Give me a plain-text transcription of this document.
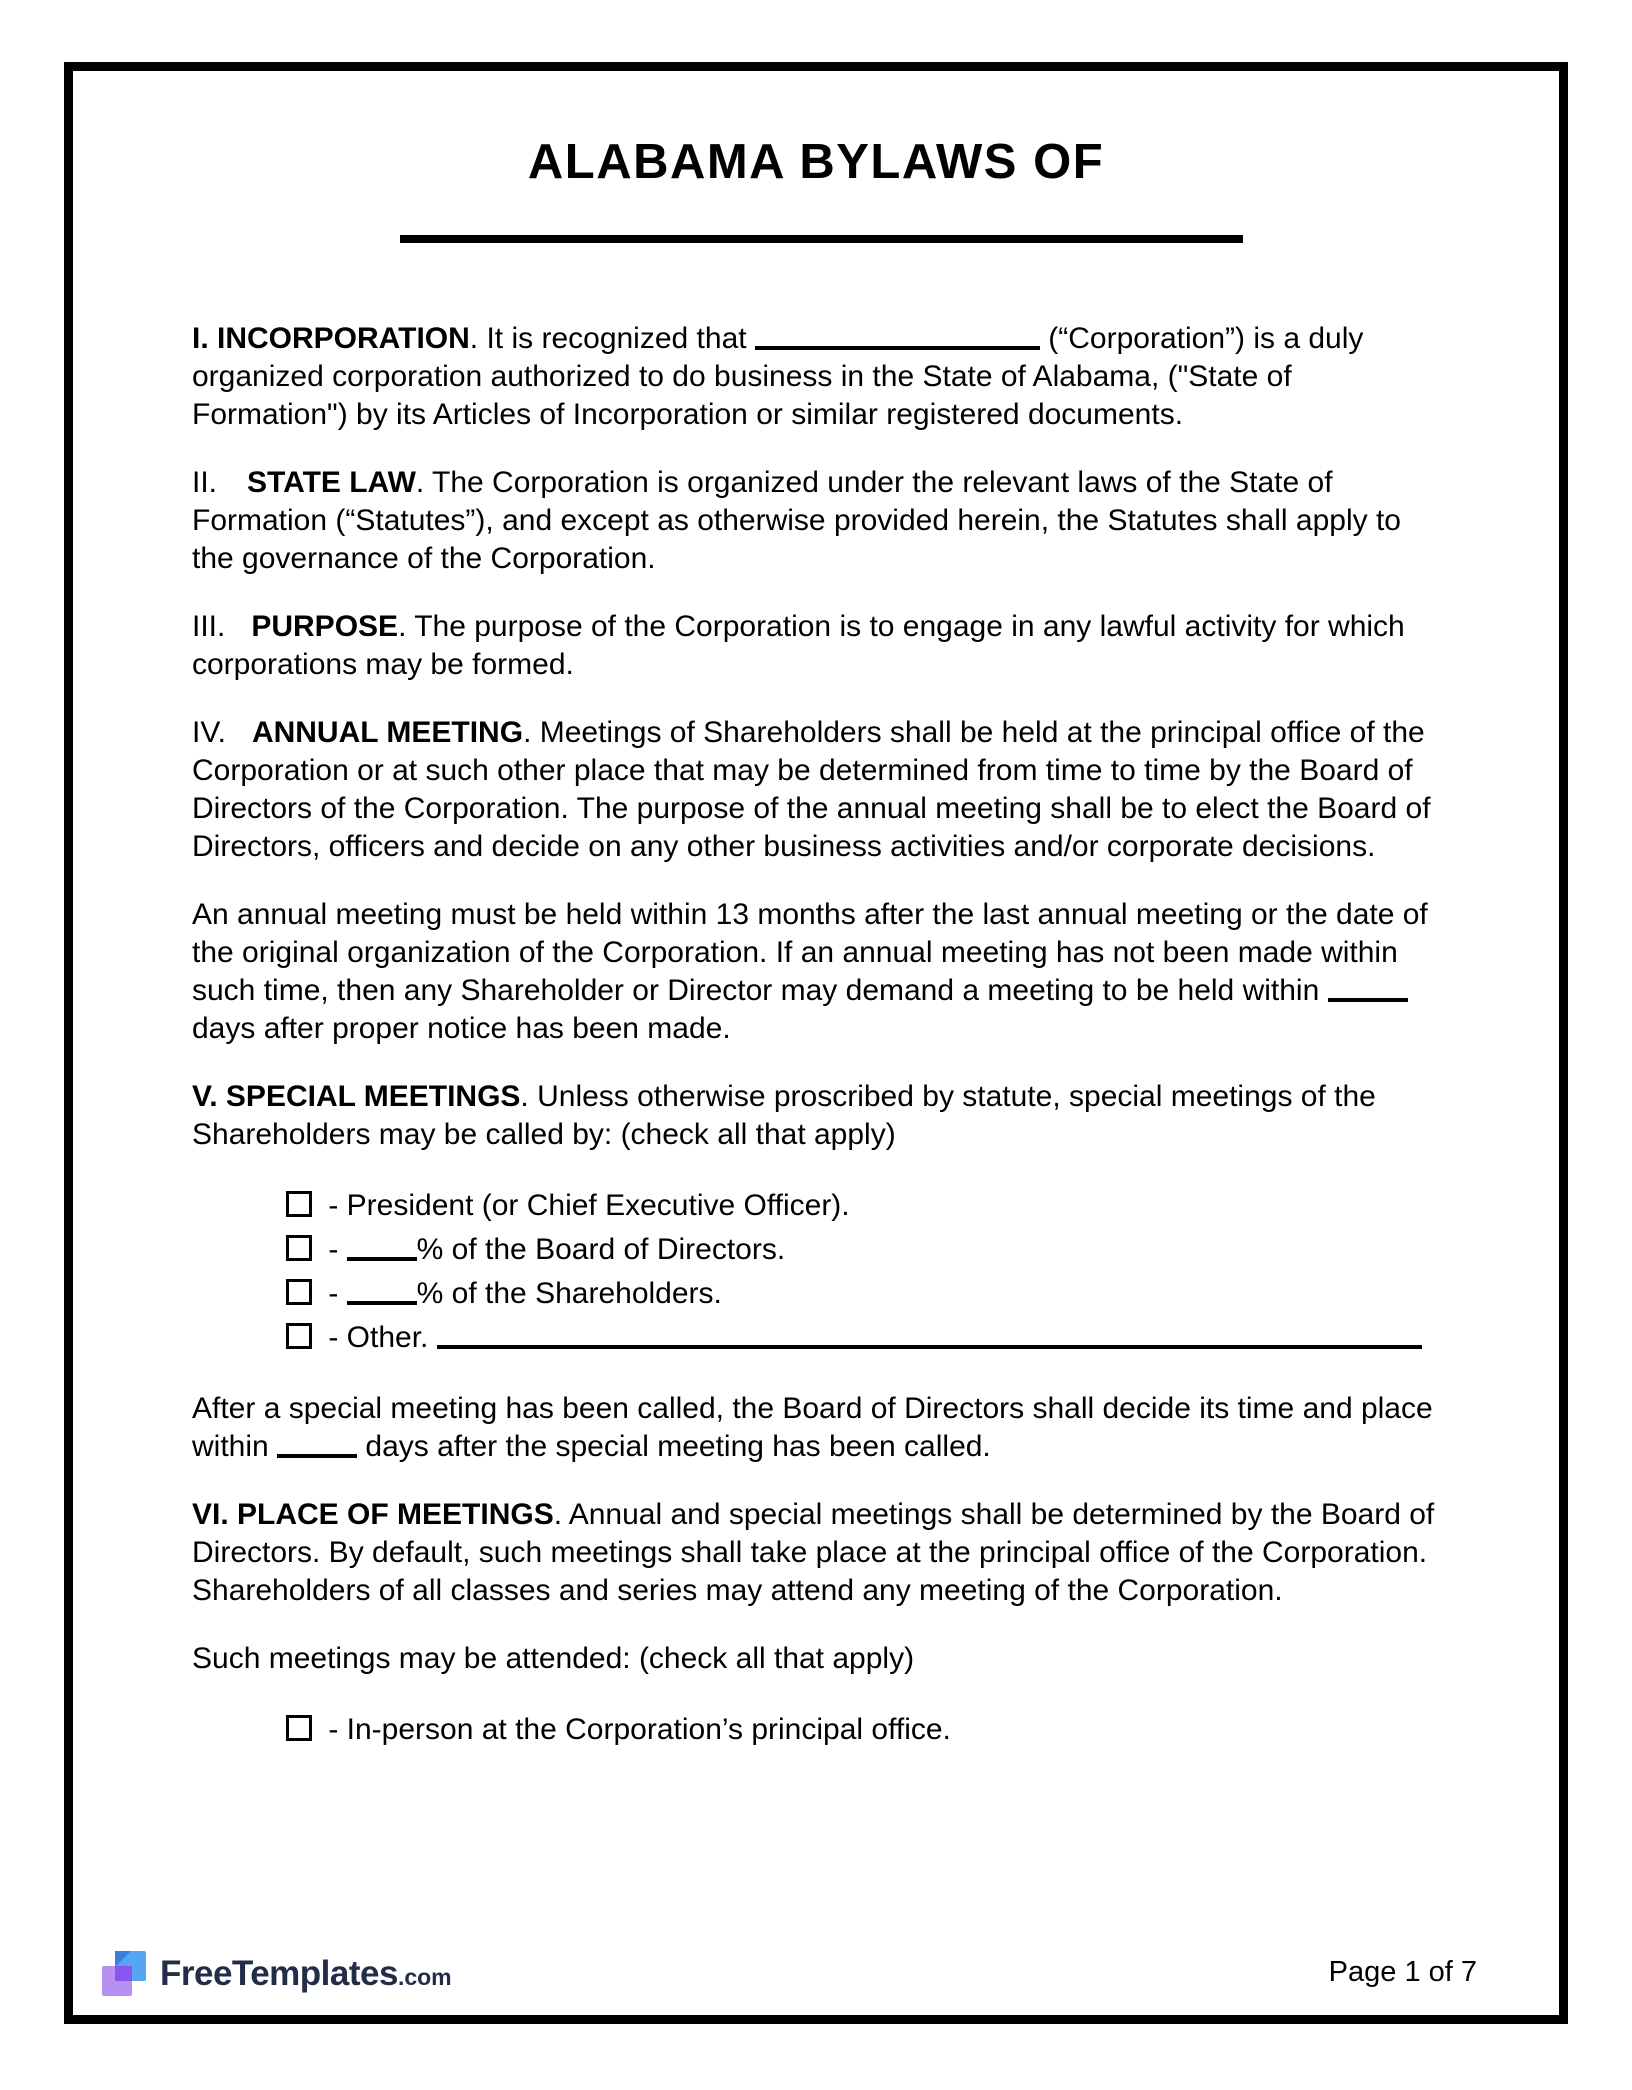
ALABAMA BYLAWS OF
I. INCORPORATION. It is recognized that	(“Corporation”) is a duly organized corporation authorized to do business in the State of Alabama, ("State of Formation") by its Articles of Incorporation or similar registered documents.
II. STATE LAW. The Corporation is organized under the relevant laws of the State of Formation (“Statutes”), and except as otherwise provided herein, the Statutes shall apply to the governance of the Corporation.
III. PURPOSE. The purpose of the Corporation is to engage in any lawful activity for which corporations may be formed.
IV. ANNUAL MEETING. Meetings of Shareholders shall be held at the principal office of the Corporation or at such other place that may be determined from time to time by the Board of Directors of the Corporation. The purpose of the annual meeting shall be to elect the Board of Directors, officers and decide on any other business activities and/or corporate decisions.
An annual meeting must be held within 13 months after the last annual meeting or the date of the original organization of the Corporation. If an annual meeting has not been made within such time, then any Shareholder or Director may demand a meeting to be held within  days after proper notice has been made.
V. SPECIAL MEETINGS. Unless otherwise proscribed by statute, special meetings of the Shareholders may be called by: (check all that apply)
- President (or Chief Executive Officer).
- % of the Board of Directors.
- % of the Shareholders.
- Other.
After a special meeting has been called, the Board of Directors shall decide its time and place within	days after the special meeting has been called.
VI. PLACE OF MEETINGS. Annual and special meetings shall be determined by the Board of Directors. By default, such meetings shall take place at the principal office of the Corporation. Shareholders of all classes and series may attend any meeting of the Corporation.
Such meetings may be attended: (check all that apply)
- In-person at the Corporation’s principal office.
FreeTemplates.com	Page 1 of 7
